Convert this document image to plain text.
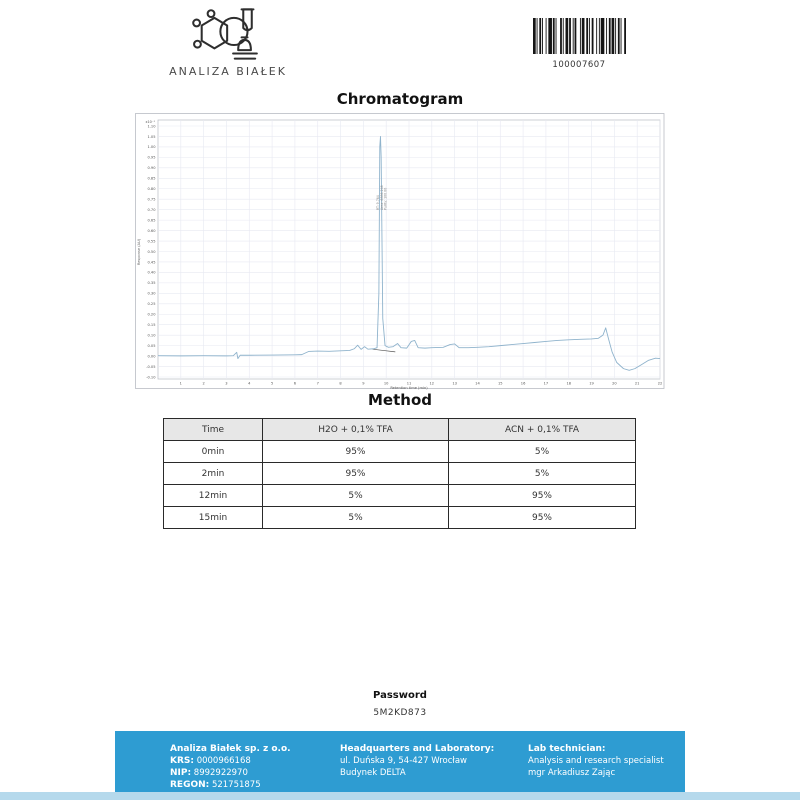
ANALIZA BIAŁEK	100007607
Chromatogram
-0.10
-0.05
0.00
0.05
0.10
0.15
0.20
0.25
0.30
0.35
0.40
0.45
0.50
0.55
0.60
0.65
0.70
0.75
0.80
0.85
0.90
0.95
1.00
1.05
1.10
1	2	3	4	5	6	7	8	9	10	11	12	13	14	15	16	17	18	19	20	21	22
Retention time (min)
Response (AU)
x10⁻¹
RT: 9.764 Area: 6886.248 Purity: 100.00
Method
Time	H2O + 0,1% TFA	ACN + 0,1% TFA
0min	95%	5%
2min	95%	5%
12min	5%	95%
15min	5%	95%
Password
5M2KD873
Analiza Białek sp. z o.o.
KRS: 0000966168
NIP: 8992922970
REGON: 521751875
Headquarters and Laboratory:
ul. Duńska 9, 54-427 Wrocław
Budynek DELTA
Lab technician:
Analysis and research specialist
mgr Arkadiusz Zając
